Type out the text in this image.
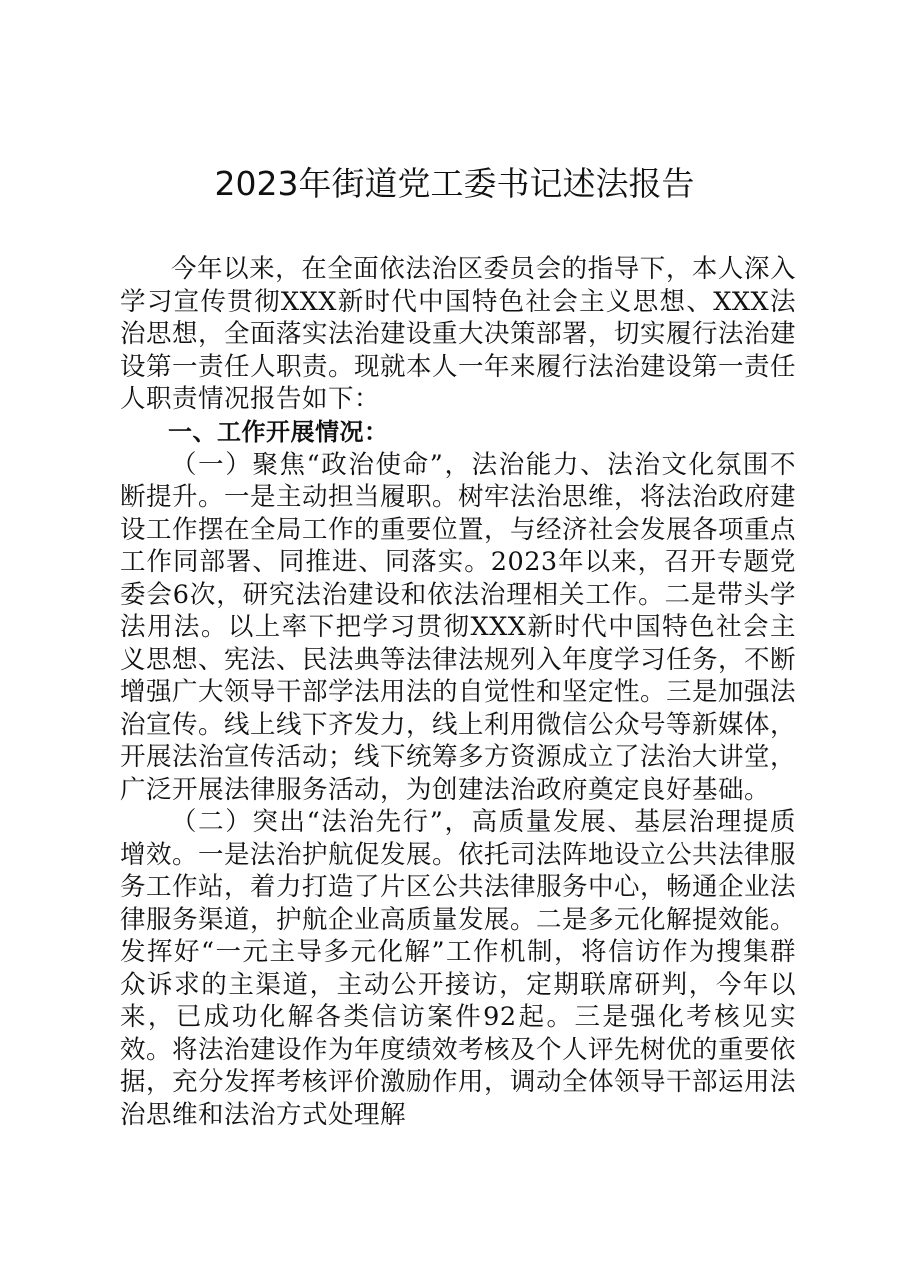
2023年街道党工委书记述法报告

今年以来，在全面依法治区委员会的指导下，本人深入学习宣传贯彻XXX新时代中国特色社会主义思想、XXX法治思想，全面落实法治建设重大决策部署，切实履行法治建设第一责任人职责。现就本人一年来履行法治建设第一责任人职责情况报告如下：

一、工作开展情况：

（一）聚焦“政治使命”，法治能力、法治文化氛围不断提升。一是主动担当履职。树牢法治思维，将法治政府建设工作摆在全局工作的重要位置，与经济社会发展各项重点工作同部署、同推进、同落实。2023年以来，召开专题党委会6次，研究法治建设和依法治理相关工作。二是带头学法用法。以上率下把学习贯彻XXX新时代中国特色社会主义思想、宪法、民法典等法律法规列入年度学习任务，不断增强广大领导干部学法用法的自觉性和坚定性。三是加强法治宣传。线上线下齐发力，线上利用微信公众号等新媒体，开展法治宣传活动；线下统筹多方资源成立了法治大讲堂，广泛开展法律服务活动，为创建法治政府奠定良好基础。

（二）突出“法治先行”，高质量发展、基层治理提质增效。一是法治护航促发展。依托司法阵地设立公共法律服务工作站，着力打造了片区公共法律服务中心，畅通企业法律服务渠道，护航企业高质量发展。二是多元化解提效能。发挥好“一元主导多元化解”工作机制，将信访作为搜集群众诉求的主渠道，主动公开接访，定期联席研判，今年以来，已成功化解各类信访案件92起。三是强化考核见实效。将法治建设作为年度绩效考核及个人评先树优的重要依据，充分发挥考核评价激励作用，调动全体领导干部运用法治思维和法治方式处理解
